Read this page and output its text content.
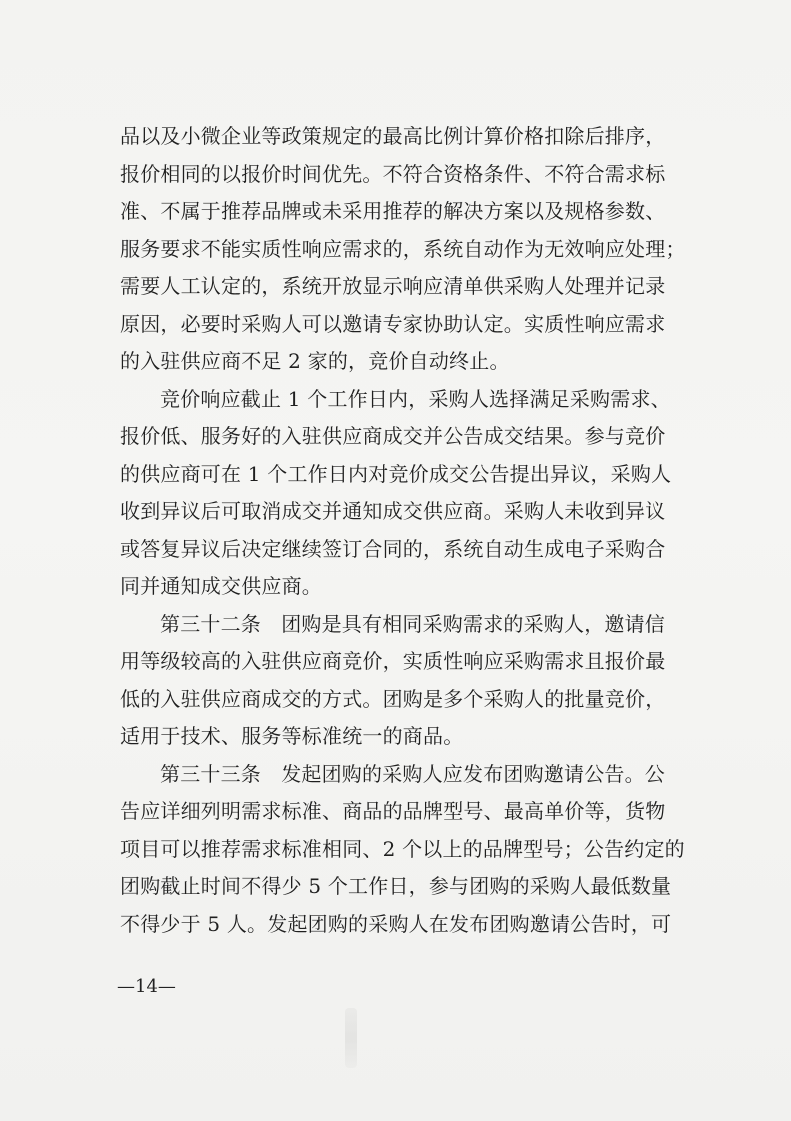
品以及小微企业等政策规定的最高比例计算价格扣除后排序，
报价相同的以报价时间优先。不符合资格条件、不符合需求标
准、不属于推荐品牌或未采用推荐的解决方案以及规格参数、
服务要求不能实质性响应需求的，系统自动作为无效响应处理；
需要人工认定的，系统开放显示响应清单供采购人处理并记录
原因，必要时采购人可以邀请专家协助认定。实质性响应需求
的入驻供应商不足 2 家的，竞价自动终止。
竞价响应截止 1 个工作日内，采购人选择满足采购需求、
报价低、服务好的入驻供应商成交并公告成交结果。参与竞价
的供应商可在 1 个工作日内对竞价成交公告提出异议，采购人
收到异议后可取消成交并通知成交供应商。采购人未收到异议
或答复异议后决定继续签订合同的，系统自动生成电子采购合
同并通知成交供应商。
第三十二条　团购是具有相同采购需求的采购人，邀请信
用等级较高的入驻供应商竞价，实质性响应采购需求且报价最
低的入驻供应商成交的方式。团购是多个采购人的批量竞价，
适用于技术、服务等标准统一的商品。
第三十三条　发起团购的采购人应发布团购邀请公告。公
告应详细列明需求标准、商品的品牌型号、最高单价等，货物
项目可以推荐需求标准相同、2 个以上的品牌型号；公告约定的
团购截止时间不得少 5 个工作日，参与团购的采购人最低数量
不得少于 5 人。发起团购的采购人在发布团购邀请公告时，可
—14—
